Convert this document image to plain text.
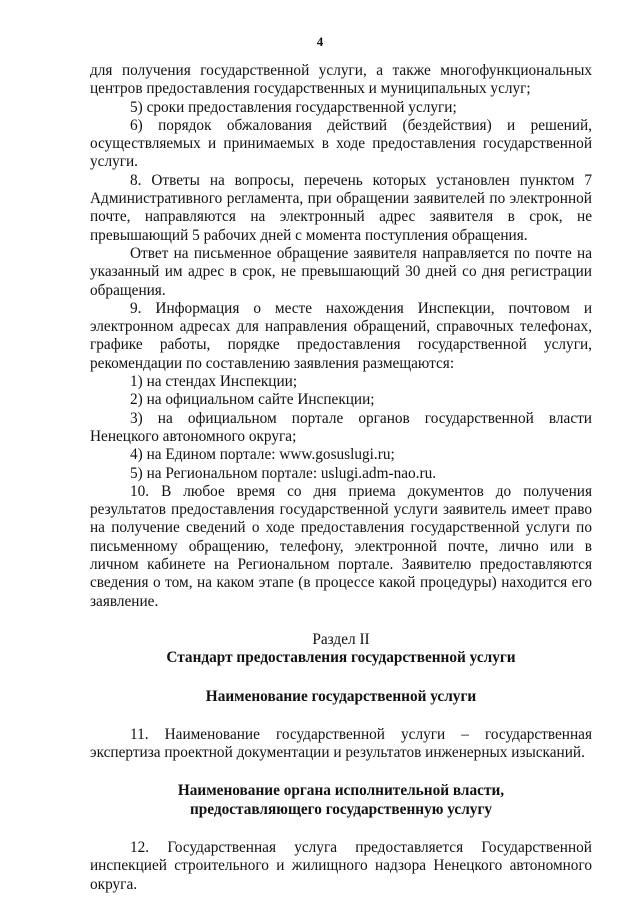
4

для получения государственной услуги, а также многофункциональных центров предоставления государственных и муниципальных услуг;

5) сроки предоставления государственной услуги;

6) порядок обжалования действий (бездействия) и решений, осуществляемых и принимаемых в ходе предоставления государственной услуги.

8. Ответы на вопросы, перечень которых установлен пунктом 7 Административного регламента, при обращении заявителей по электронной почте, направляются на электронный адрес заявителя в срок, не превышающий 5 рабочих дней с момента поступления обращения.

Ответ на письменное обращение заявителя направляется по почте на указанный им адрес в срок, не превышающий 30 дней со дня регистрации обращения.

9. Информация о месте нахождения Инспекции, почтовом и электронном адресах для направления обращений, справочных телефонах, графике работы, порядке предоставления государственной услуги, рекомендации по составлению заявления размещаются:

1) на стендах Инспекции;

2) на официальном сайте Инспекции;

3) на официальном портале органов государственной власти Ненецкого автономного округа;

4) на Едином портале: www.gosuslugi.ru;

5) на Региональном портале: uslugi.adm-nao.ru.

10. В любое время со дня приема документов до получения результатов предоставления государственной услуги заявитель имеет право на получение сведений о ходе предоставления государственной услуги по письменному обращению, телефону, электронной почте, лично или в личном кабинете на Региональном портале. Заявителю предоставляются сведения о том, на каком этапе (в процессе какой процедуры) находится его заявление.

Раздел II

Стандарт предоставления государственной услуги

Наименование государственной услуги

11. Наименование государственной услуги – государственная экспертиза проектной документации и результатов инженерных изысканий.

Наименование органа исполнительной власти,

предоставляющего государственную услугу

12. Государственная услуга предоставляется Государственной инспекцией строительного и жилищного надзора Ненецкого автономного округа.
